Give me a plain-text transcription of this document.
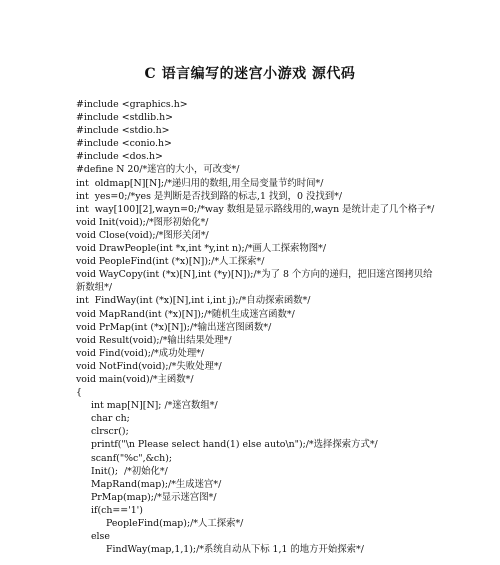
C 语言编写的迷宫小游戏 源代码
#include <graphics.h>
#include <stdlib.h>
#include <stdio.h>
#include <conio.h>
#include <dos.h>
#define N 20/*迷宫的大小，可改变*/
int  oldmap[N][N];/*递归用的数组,用全局变量节约时间*/
int  yes=0;/*yes 是判断是否找到路的标志,1 找到，0 没找到*/
int  way[100][2],wayn=0;/*way 数组是显示路线用的,wayn 是统计走了几个格子*/
void Init(void);/*图形初始化*/
void Close(void);/*图形关闭*/
void DrawPeople(int *x,int *y,int n);/*画人工探索物图*/
void PeopleFind(int (*x)[N]);/*人工探索*/
void WayCopy(int (*x)[N],int (*y)[N]);/*为了 8 个方向的递归，把旧迷宫图拷贝给新数组*/
int  FindWay(int (*x)[N],int i,int j);/*自动探索函数*/
void MapRand(int (*x)[N]);/*随机生成迷宫函数*/
void PrMap(int (*x)[N]);/*输出迷宫图函数*/
void Result(void);/*输出结果处理*/
void Find(void);/*成功处理*/
void NotFind(void);/*失败处理*/
void main(void)/*主函数*/
{
int map[N][N]; /*迷宫数组*/
char ch;
clrscr();
printf("\n Please select hand(1) else auto\n");/*选择探索方式*/
scanf("%c",&ch);
Init();  /*初始化*/
MapRand(map);/*生成迷宫*/
PrMap(map);/*显示迷宫图*/
if(ch=='1')
PeopleFind(map);/*人工探索*/
else
FindWay(map,1,1);/*系统自动从下标 1,1 的地方开始探索*/
